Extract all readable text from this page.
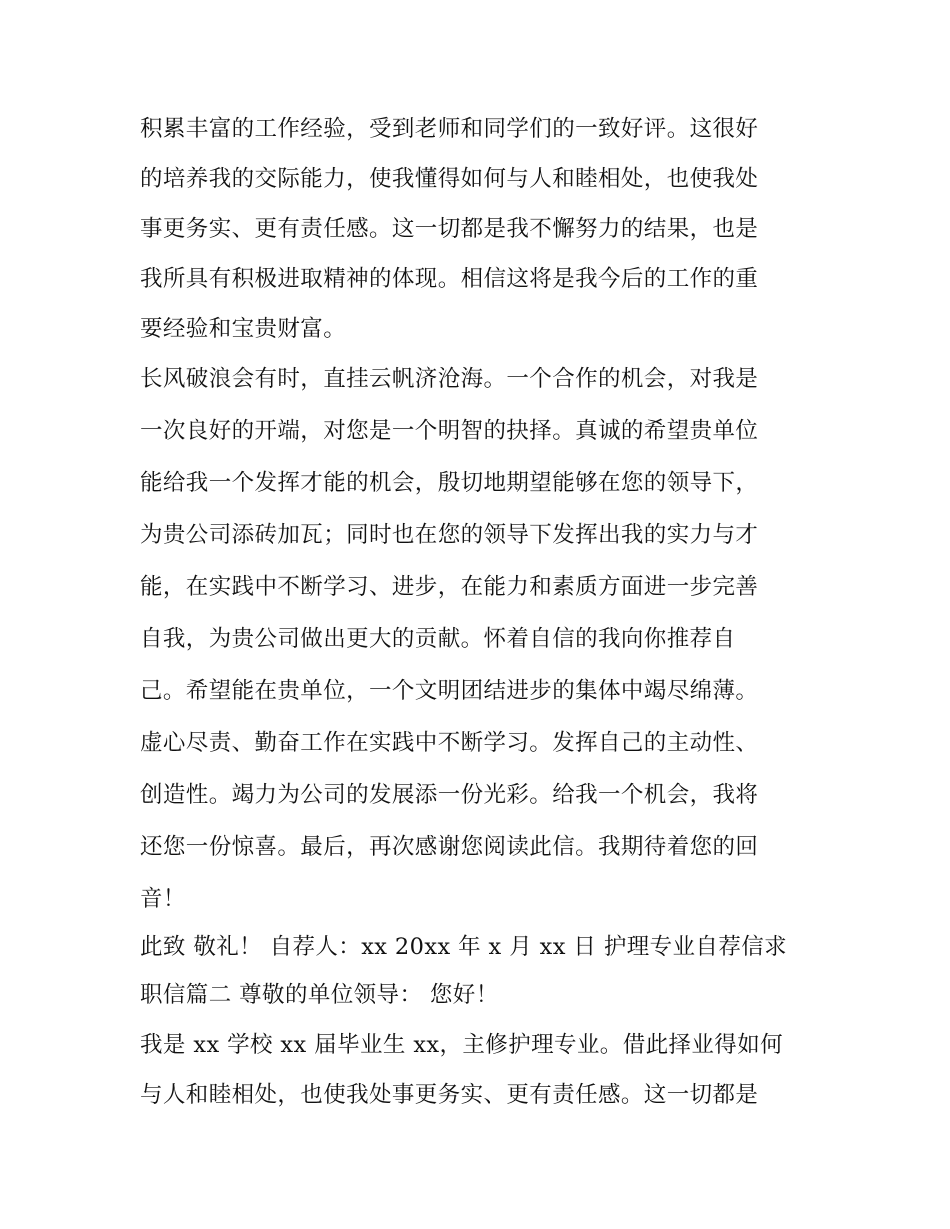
积累丰富的工作经验，受到老师和同学们的一致好评。这很好
的培养我的交际能力，使我懂得如何与人和睦相处，也使我处
事更务实、更有责任感。这一切都是我不懈努力的结果，也是
我所具有积极进取精神的体现。相信这将是我今后的工作的重
要经验和宝贵财富。
长风破浪会有时，直挂云帆济沧海。一个合作的机会，对我是
一次良好的开端，对您是一个明智的抉择。真诚的希望贵单位
能给我一个发挥才能的机会，殷切地期望能够在您的领导下，
为贵公司添砖加瓦；同时也在您的领导下发挥出我的实力与才
能，在实践中不断学习、进步，在能力和素质方面进一步完善
自我，为贵公司做出更大的贡献。怀着自信的我向你推荐自
己。希望能在贵单位，一个文明团结进步的集体中竭尽绵薄。
虚心尽责、勤奋工作在实践中不断学习。发挥自己的主动性、
创造性。竭力为公司的发展添一份光彩。给我一个机会，我将
还您一份惊喜。最后，再次感谢您阅读此信。我期待着您的回
音！
此致 敬礼！ 自荐人：xx 20xx 年 x 月 xx 日 护理专业自荐信求
职信篇二 尊敬的单位领导： 您好！
我是 xx 学校 xx 届毕业生 xx，主修护理专业。借此择业得如何
与人和睦相处，也使我处事更务实、更有责任感。这一切都是
